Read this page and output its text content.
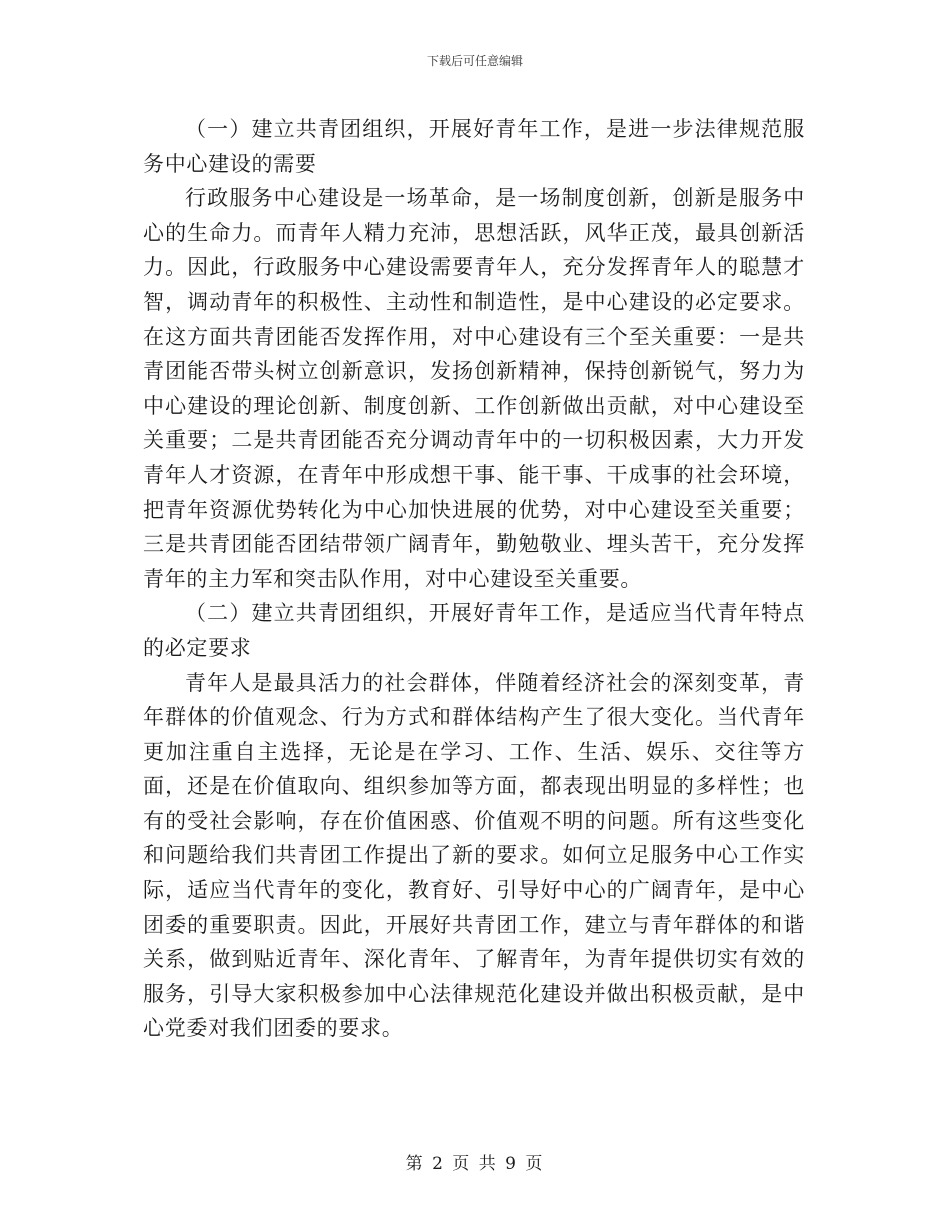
下载后可任意编辑

（一）建立共青团组织，开展好青年工作，是进一步法律规范服务中心建设的需要

行政服务中心建设是一场革命，是一场制度创新，创新是服务中心的生命力。而青年人精力充沛，思想活跃，风华正茂，最具创新活力。因此，行政服务中心建设需要青年人，充分发挥青年人的聪慧才智，调动青年的积极性、主动性和制造性，是中心建设的必定要求。在这方面共青团能否发挥作用，对中心建设有三个至关重要：一是共青团能否带头树立创新意识，发扬创新精神，保持创新锐气，努力为中心建设的理论创新、制度创新、工作创新做出贡献，对中心建设至关重要；二是共青团能否充分调动青年中的一切积极因素，大力开发青年人才资源，在青年中形成想干事、能干事、干成事的社会环境，把青年资源优势转化为中心加快进展的优势，对中心建设至关重要；三是共青团能否团结带领广阔青年，勤勉敬业、埋头苦干，充分发挥青年的主力军和突击队作用，对中心建设至关重要。

（二）建立共青团组织，开展好青年工作，是适应当代青年特点的必定要求

青年人是最具活力的社会群体，伴随着经济社会的深刻变革，青年群体的价值观念、行为方式和群体结构产生了很大变化。当代青年更加注重自主选择，无论是在学习、工作、生活、娱乐、交往等方面，还是在价值取向、组织参加等方面，都表现出明显的多样性；也有的受社会影响，存在价值困惑、价值观不明的问题。所有这些变化和问题给我们共青团工作提出了新的要求。如何立足服务中心工作实际，适应当代青年的变化，教育好、引导好中心的广阔青年，是中心团委的重要职责。因此，开展好共青团工作，建立与青年群体的和谐关系，做到贴近青年、深化青年、了解青年，为青年提供切实有效的服务，引导大家积极参加中心法律规范化建设并做出积极贡献，是中心党委对我们团委的要求。

第 2 页 共 9 页
